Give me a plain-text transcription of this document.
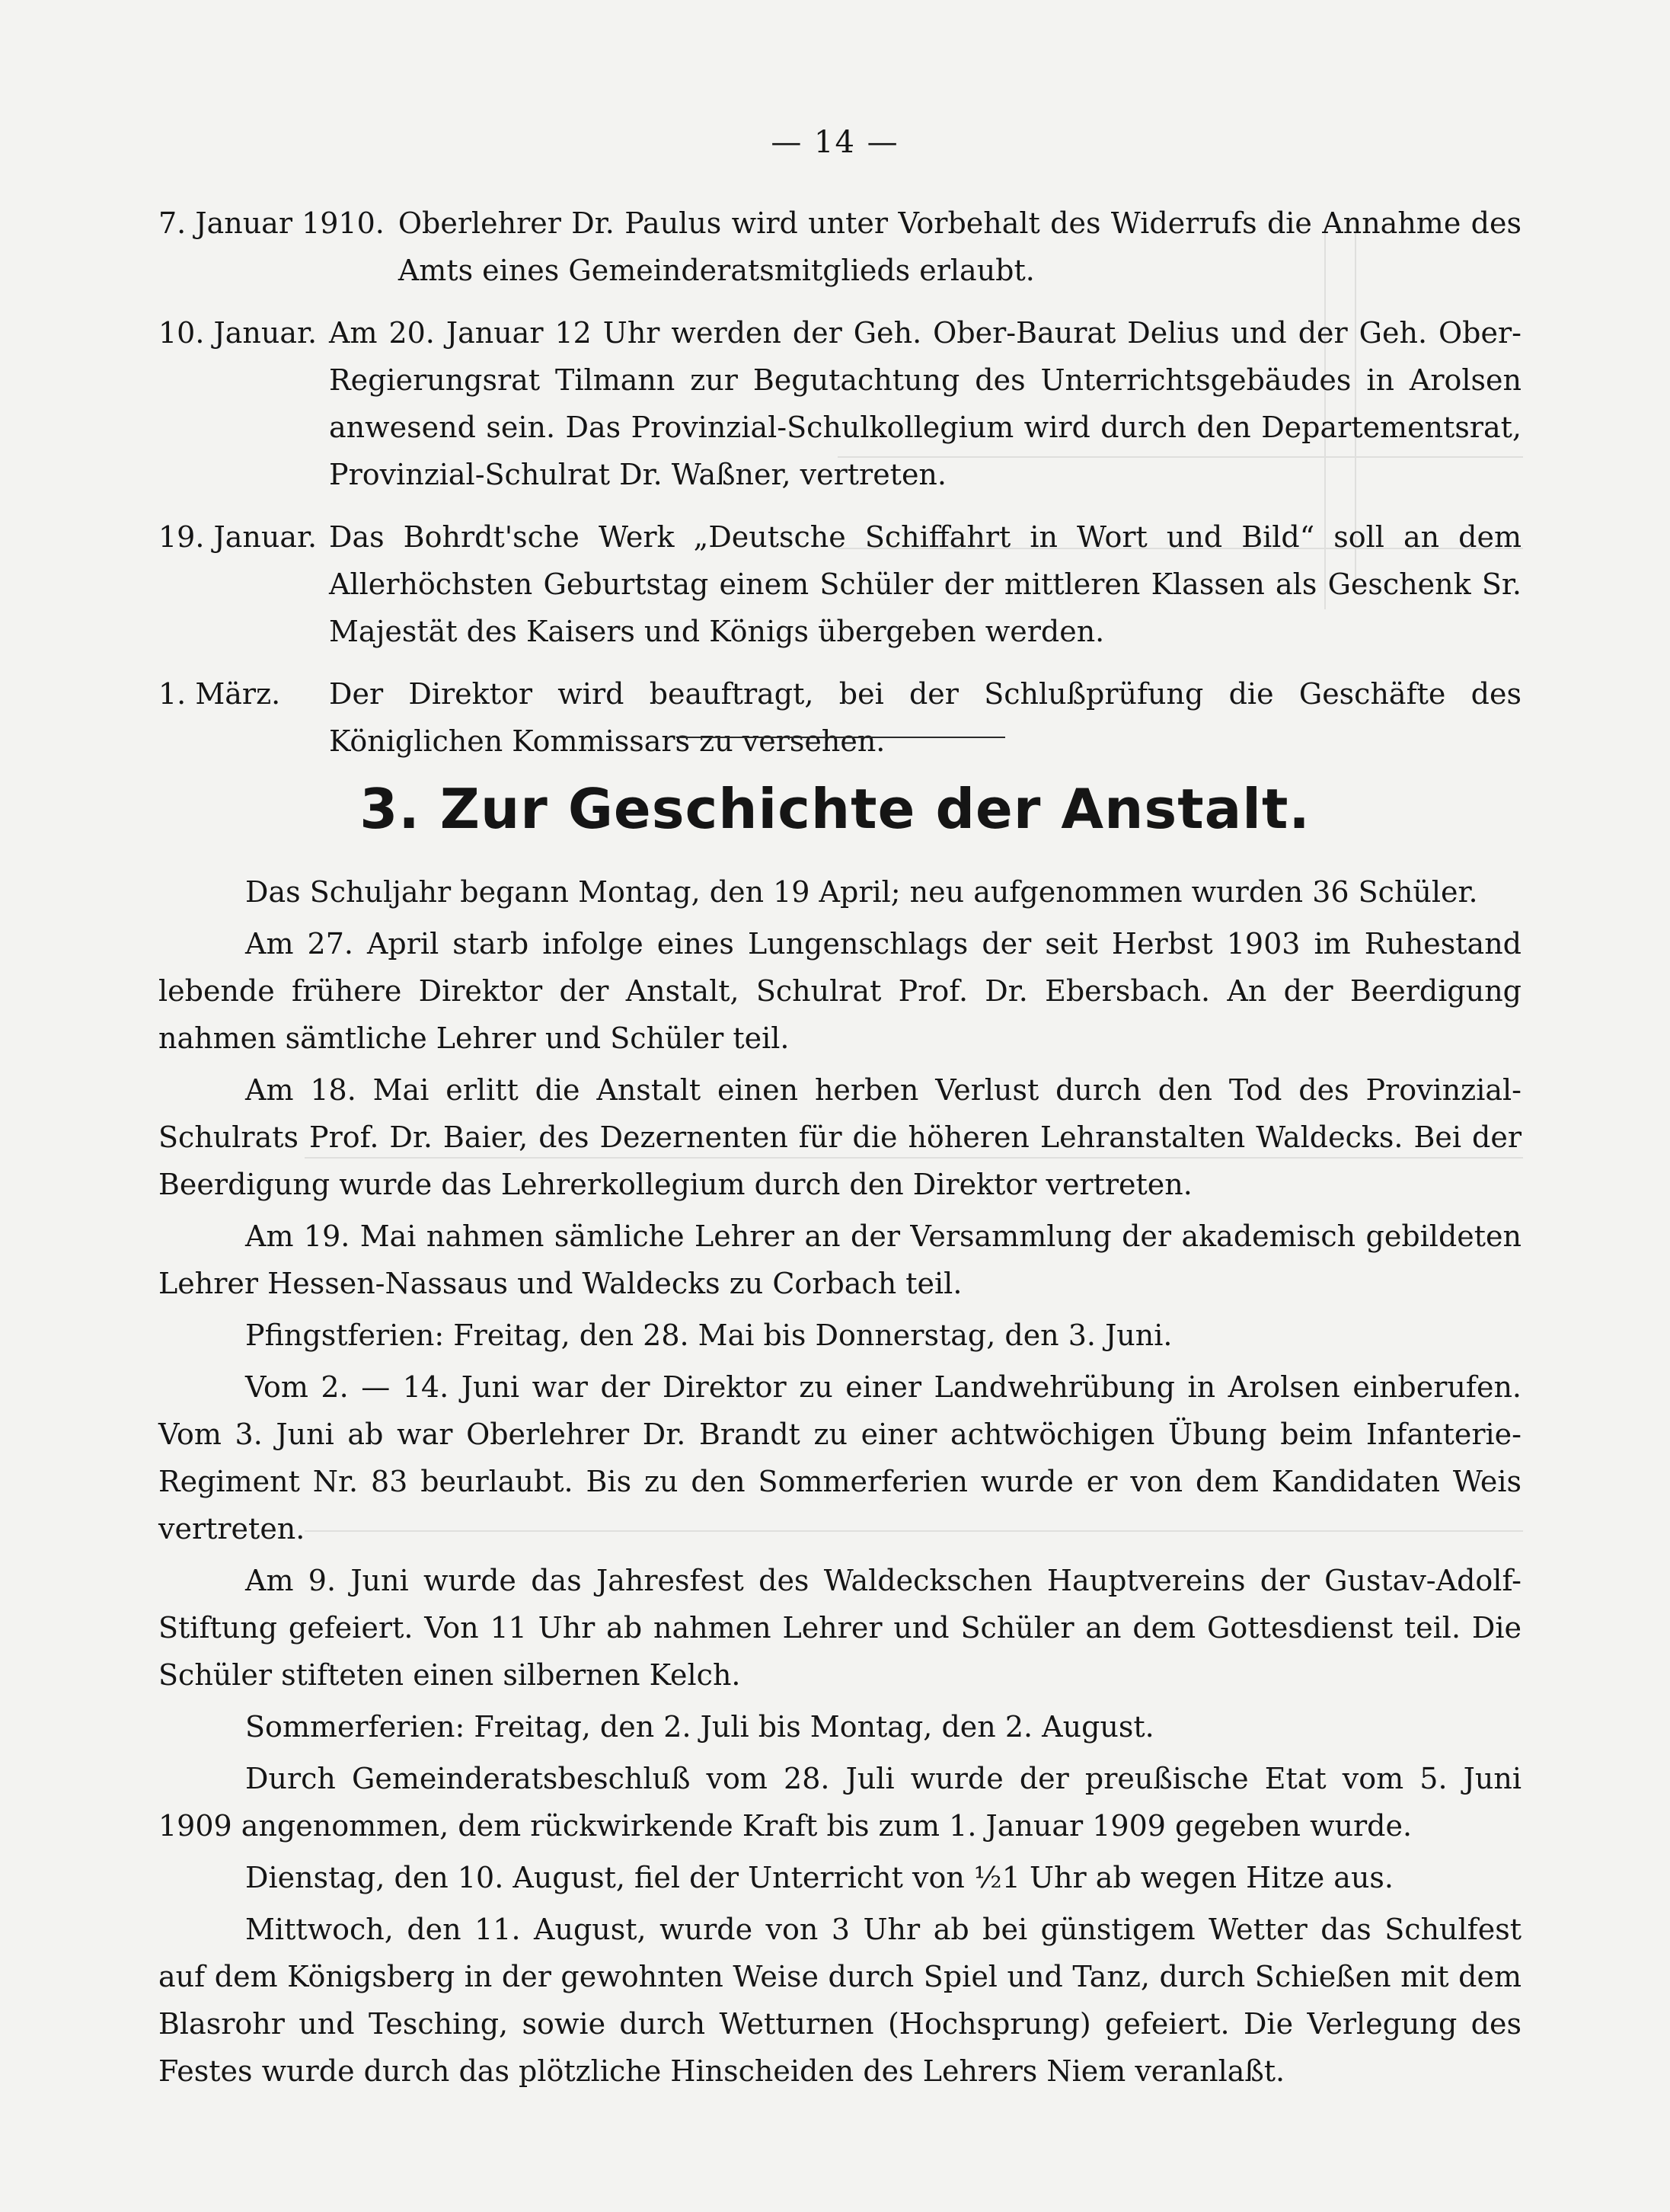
— 14 —
7. Januar 1910. Oberlehrer Dr. Paulus wird unter Vorbehalt des Widerrufs die Annahme des Amts eines Gemeinderatsmitglieds erlaubt.
10. Januar. Am 20. Januar 12 Uhr werden der Geh. Ober-Baurat Delius und der Geh. Ober-Regierungsrat Tilmann zur Begutachtung des Unterrichtsgebäudes in Arolsen anwesend sein. Das Provinzial-Schulkollegium wird durch den Departementsrat, Provinzial-Schulrat Dr. Waßner, vertreten.
19. Januar. Das Bohrdt'sche Werk „Deutsche Schiffahrt in Wort und Bild“ soll an dem Allerhöchsten Geburtstag einem Schüler der mittleren Klassen als Geschenk Sr. Majestät des Kaisers und Königs übergeben werden.
1. März.	Der Direktor wird beauftragt, bei der Schlußprüfung die Geschäfte des Königlichen Kommissars zu versehen.
3. Zur Geschichte der Anstalt.

Das Schuljahr begann Montag, den 19 April; neu aufgenommen wurden 36 Schüler.

Am 27. April starb infolge eines Lungenschlags der seit Herbst 1903 im Ruhestand lebende frühere Direktor der Anstalt, Schulrat Prof. Dr. Ebersbach. An der Beerdigung nahmen sämtliche Lehrer und Schüler teil.

Am 18. Mai erlitt die Anstalt einen herben Verlust durch den Tod des Provinzial-Schulrats Prof. Dr. Baier, des Dezernenten für die höheren Lehranstalten Waldecks. Bei der Beerdigung wurde das Lehrerkollegium durch den Direktor vertreten.

Am 19. Mai nahmen sämliche Lehrer an der Versammlung der akademisch gebildeten Lehrer Hessen-Nassaus und Waldecks zu Corbach teil.

Pfingstferien: Freitag, den 28. Mai bis Donnerstag, den 3. Juni.

Vom 2. — 14. Juni war der Direktor zu einer Landwehrübung in Arolsen einberufen. Vom 3. Juni ab war Oberlehrer Dr. Brandt zu einer achtwöchigen Übung beim Infanterie-Regiment Nr. 83 beurlaubt. Bis zu den Sommerferien wurde er von dem Kandidaten Weis vertreten.

Am 9. Juni wurde das Jahresfest des Waldeckschen Hauptvereins der Gustav-Adolf-Stiftung gefeiert. Von 11 Uhr ab nahmen Lehrer und Schüler an dem Gottesdienst teil. Die Schüler stifteten einen silbernen Kelch.

Sommerferien: Freitag, den 2. Juli bis Montag, den 2. August.

Durch Gemeinderatsbeschluß vom 28. Juli wurde der preußische Etat vom 5. Juni 1909 angenommen, dem rückwirkende Kraft bis zum 1. Januar 1909 gegeben wurde.

Dienstag, den 10. August, fiel der Unterricht von ½1 Uhr ab wegen Hitze aus.

Mittwoch, den 11. August, wurde von 3 Uhr ab bei günstigem Wetter das Schulfest auf dem Königsberg in der gewohnten Weise durch Spiel und Tanz, durch Schießen mit dem Blasrohr und Tesching, sowie durch Wetturnen (Hochsprung) gefeiert. Die Verlegung des Festes wurde durch das plötzliche Hinscheiden des Lehrers Niem veranlaßt.
